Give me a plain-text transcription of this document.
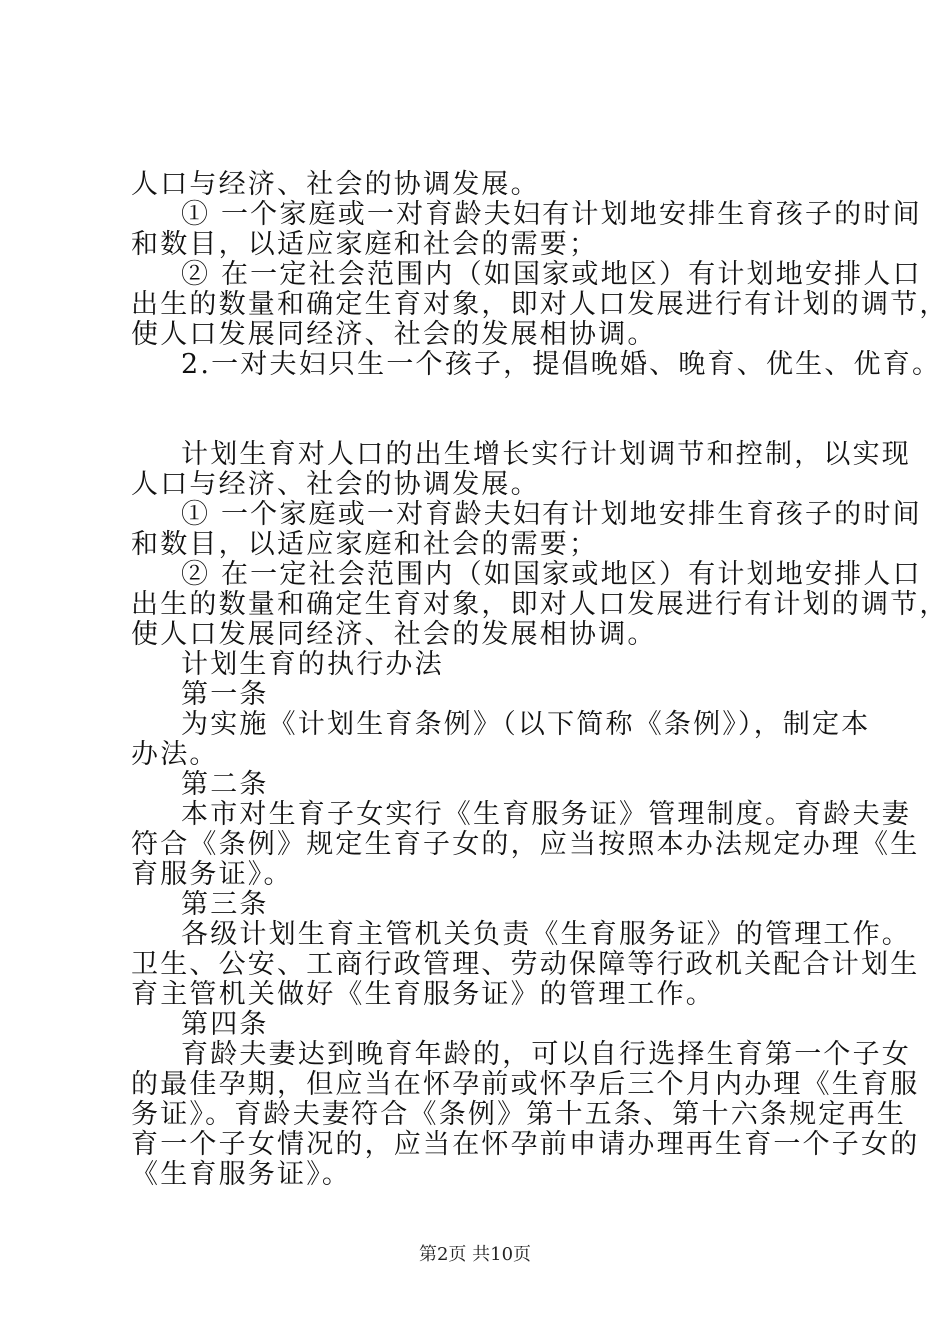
人口与经济、社会的协调发展。
① 一个家庭或一对育龄夫妇有计划地安排生育孩子的时间
和数目，以适应家庭和社会的需要；
② 在一定社会范围内（如国家或地区）有计划地安排人口
出生的数量和确定生育对象，即对人口发展进行有计划的调节，
使人口发展同经济、社会的发展相协调。
2.一对夫妇只生一个孩子，提倡晚婚、晚育、优生、优育。
计划生育对人口的出生增长实行计划调节和控制，以实现
人口与经济、社会的协调发展。
① 一个家庭或一对育龄夫妇有计划地安排生育孩子的时间
和数目，以适应家庭和社会的需要；
② 在一定社会范围内（如国家或地区）有计划地安排人口
出生的数量和确定生育对象，即对人口发展进行有计划的调节，
使人口发展同经济、社会的发展相协调。
计划生育的执行办法
第一条
为实施《计划生育条例》（以下简称《条例》），制定本
办法。
第二条
本市对生育子女实行《生育服务证》管理制度。育龄夫妻
符合《条例》规定生育子女的，应当按照本办法规定办理《生
育服务证》。
第三条
各级计划生育主管机关负责《生育服务证》的管理工作。
卫生、公安、工商行政管理、劳动保障等行政机关配合计划生
育主管机关做好《生育服务证》的管理工作。
第四条
育龄夫妻达到晚育年龄的，可以自行选择生育第一个子女
的最佳孕期，但应当在怀孕前或怀孕后三个月内办理《生育服
务证》。育龄夫妻符合《条例》第十五条、第十六条规定再生
育一个子女情况的，应当在怀孕前申请办理再生育一个子女的
《生育服务证》。
第2页 共10页
